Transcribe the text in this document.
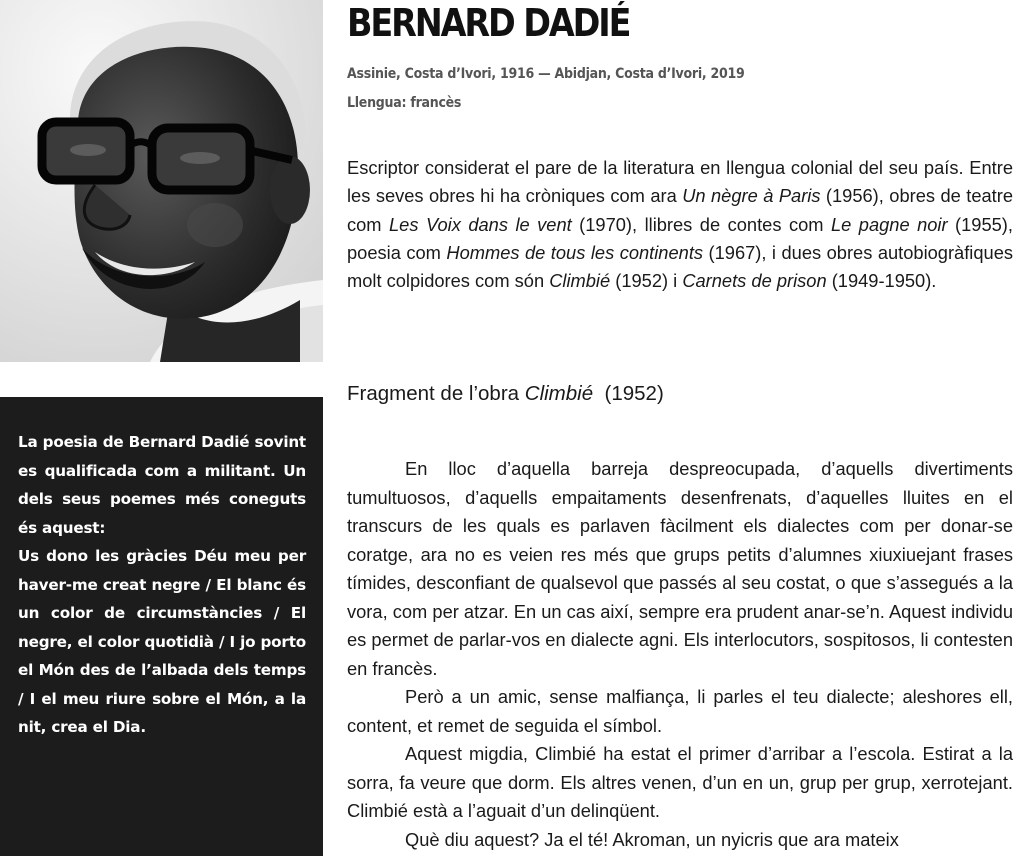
La poesia de Bernard Dadié sovint es qualificada com a militant. Un dels seus poemes més coneguts és aquest:

Us dono les gràcies Déu meu per haver-me creat negre / El blanc és un color de circumstàncies / El negre, el color quotidià / I jo porto el Món des de l’albada dels temps / I el meu riure sobre el Món, a la nit, crea el Dia.

BERNARD DADIÉ
Assinie, Costa d’Ivori, 1916 — Abidjan, Costa d’Ivori, 2019
Llengua: francès

Escriptor considerat el pare de la literatura en llengua colonial del seu país. Entre les seves obres hi ha cròniques com ara Un nègre à Paris (1956), obres de teatre com Les Voix dans le vent (1970), llibres de contes com Le pagne noir (1955), poesia com Hommes de tous les continents (1967), i dues obres autobiogràfiques molt colpidores com són Climbié (1952) i Carnets de prison (1949-1950).

Fragment de l’obra Climbié  (1952)

En lloc d’aquella barreja despreocupada, d’aquells divertiments tumultuosos, d’aquells empaitaments desenfrenats, d’aquelles lluites en el transcurs de les quals es parlaven fàcilment els dialectes com per donar-se coratge, ara no es veien res més que grups petits d’alumnes xiuxiuejant frases tímides, desconfiant de qualsevol que passés al seu costat, o que s’assegués a la vora, com per atzar. En un cas així, sempre era prudent anar-se’n. Aquest individu es permet de parlar-vos en dialecte agni. Els interlocutors, sospitosos, li contesten en francès.

Però a un amic, sense malfiança, li parles el teu dialecte; aleshores ell, content, et remet de seguida el símbol.

Aquest migdia, Climbié ha estat el primer d’arribar a l’escola. Estirat a la sorra, fa veure que dorm. Els altres venen, d’un en un, grup per grup, xerrotejant. Climbié està a l’aguait d’un delinqüent.

Què diu aquest? Ja el té! Akroman, un nyicris que ara mateix
